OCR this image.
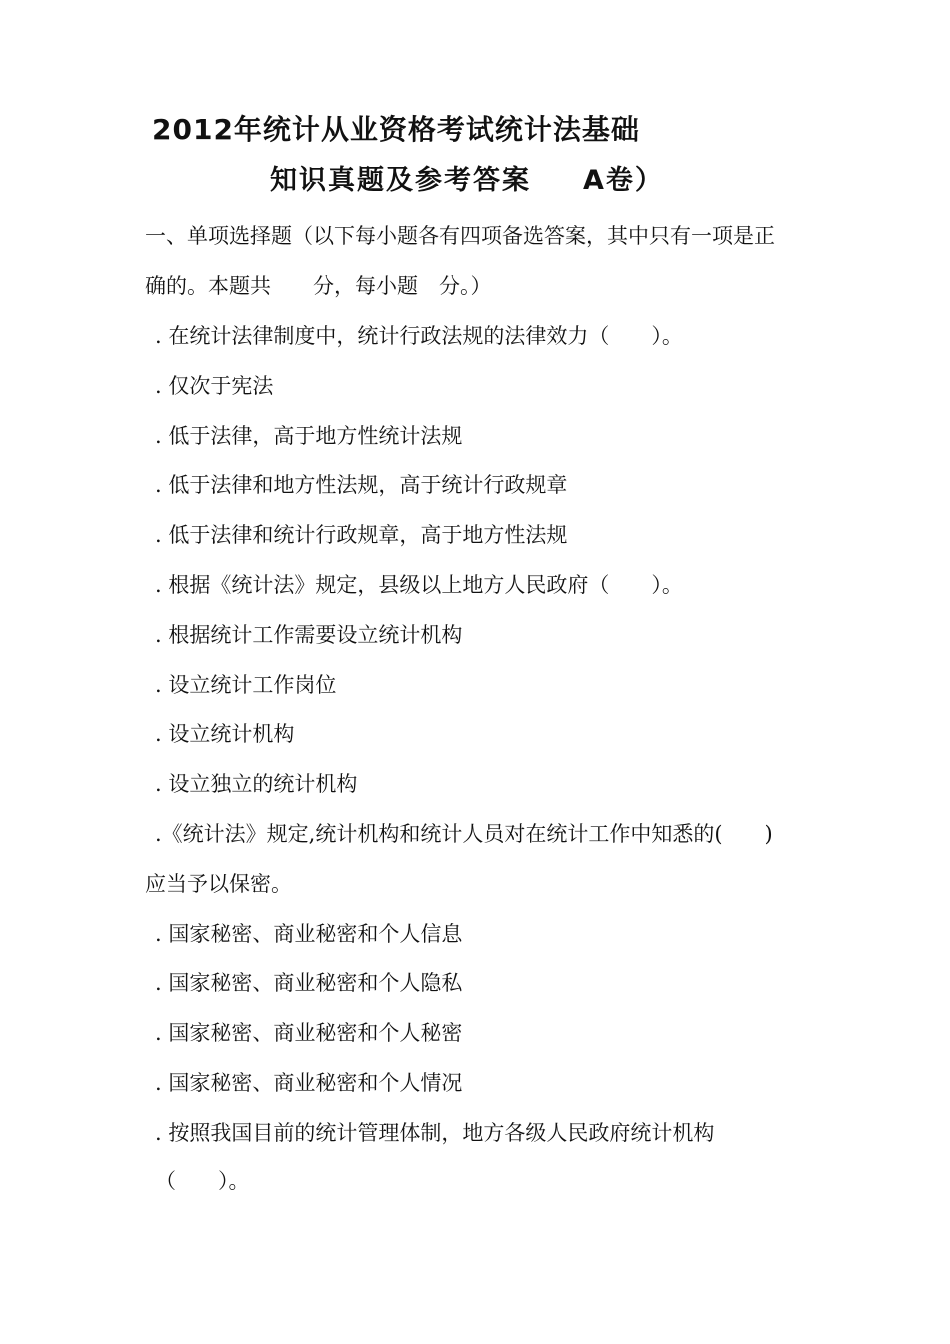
2012年统计从业资格考试统计法基础
知识真题及参考答案 A卷）
一、单项选择题（以下每小题各有四项备选答案，其中只有一项是正
确的。本题共　　分，每小题　分。）
. 在统计法律制度中，统计行政法规的法律效力（　　）。
. 仅次于宪法
. 低于法律，高于地方性统计法规
. 低于法律和地方性法规，高于统计行政规章
. 低于法律和统计行政规章，高于地方性法规
. 根据《统计法》规定，县级以上地方人民政府（　　）。
. 根据统计工作需要设立统计机构
. 设立统计工作岗位
. 设立统计机构
. 设立独立的统计机构
.《统计法》规定,统计机构和统计人员对在统计工作中知悉的(　　)
应当予以保密。
. 国家秘密、商业秘密和个人信息
. 国家秘密、商业秘密和个人隐私
. 国家秘密、商业秘密和个人秘密
. 国家秘密、商业秘密和个人情况
. 按照我国目前的统计管理体制，地方各级人民政府统计机构
（　　）。
